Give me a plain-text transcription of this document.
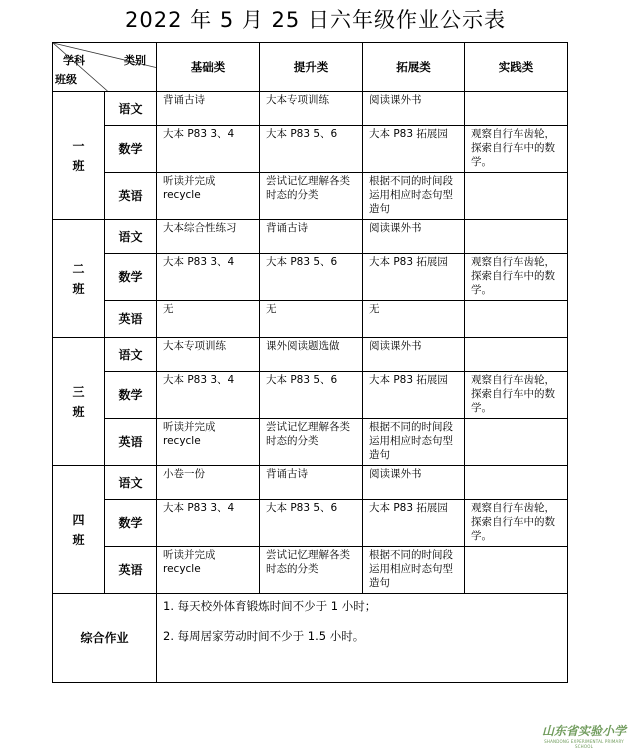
2022 年 5 月 25 日六年级作业公示表
学科 类别
班级		基础类	提升类	拓展类	实践类

一
班	语文	背诵古诗	大本专项训练	阅读课外书	
	数学	大本 P83 3、4	大本 P83 5、6	大本 P83 拓展园	观察自行车齿轮，探索自行车中的数学。
	英语	听读并完成 recycle	尝试记忆理解各类时态的分类	根据不同的时间段运用相应时态句型造句	

二
班	语文	大本综合性练习	背诵古诗	阅读课外书	
	数学	大本 P83 3、4	大本 P83 5、6	大本 P83 拓展园	观察自行车齿轮，探索自行车中的数学。
	英语	无	无	无	

三
班	语文	大本专项训练	课外阅读题选做	阅读课外书	
	数学	大本 P83 3、4	大本 P83 5、6	大本 P83 拓展园	观察自行车齿轮，探索自行车中的数学。
	英语	听读并完成 recycle	尝试记忆理解各类时态的分类	根据不同的时间段运用相应时态句型造句	

四
班	语文	小卷一份	背诵古诗	阅读课外书	
	数学	大本 P83 3、4	大本 P83 5、6	大本 P83 拓展园	观察自行车齿轮，探索自行车中的数学。
	英语	听读并完成 recycle	尝试记忆理解各类时态的分类	根据不同的时间段运用相应时态句型造句	
综合作业		1. 每天校外体育锻炼时间不少于 1 小时；

2. 每周居家劳动时间不少于 1.5 小时。			

山东省实验小学
SHANDONG EXPERIMENTAL PRIMARY SCHOOL
